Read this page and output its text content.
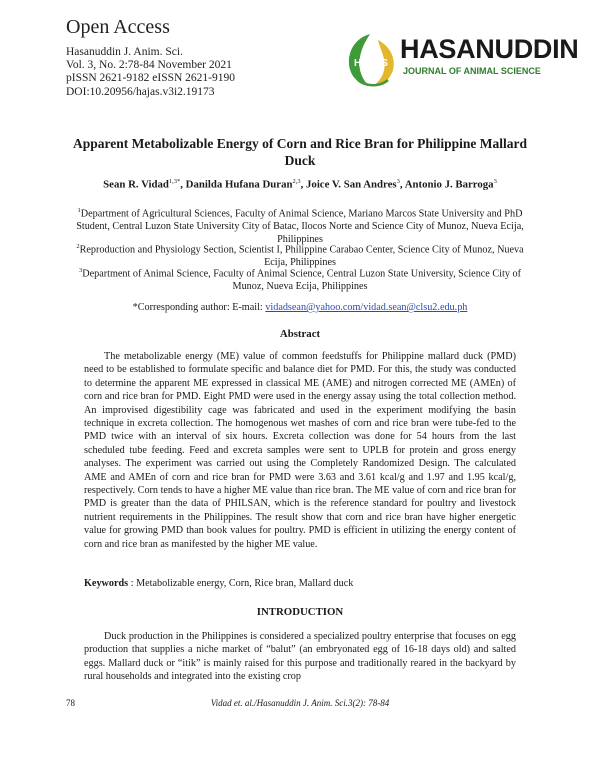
Open Access
Hasanuddin J. Anim. Sci.
Vol. 3, No. 2:78-84 November 2021
pISSN 2621-9182 eISSN 2621-9190
DOI:10.20956/hajas.v3i2.19173
HAJAS HASANUDDIN
JOURNAL OF ANIMAL SCIENCE
Apparent Metabolizable Energy of Corn and Rice Bran for Philippine Mallard Duck
Sean R. Vidad$^{1,3*}$, Danilda Hufana Duran$^{2,3}$, Joice V. San Andres$^3$, Antonio J. Barroga$^3$
$^1$Department of Agricultural Sciences, Faculty of Animal Science, Mariano Marcos State University and PhD Student, Central Luzon State University City of Batac, Ilocos Norte and Science City of Munoz, Nueva Ecija, Philippines
$^2$Reproduction and Physiology Section, Scientist I, Philippine Carabao Center, Science City of Munoz, Nueva Ecija, Philippines
$^3$Department of Animal Science, Faculty of Animal Science, Central Luzon State University, Science City of Munoz, Nueva Ecija, Philippines
*Corresponding author: E-mail: vidadsean@yahoo.com/vidad.sean@clsu2.edu.ph
Abstract

The metabolizable energy (ME) value of common feedstuffs for Philippine mallard duck (PMD) need to be established to formulate specific and balance diet for PMD. For this, the study was conducted to determine the apparent ME expressed in classical ME (AME) and nitrogen corrected ME (AMEn) of corn and rice bran for PMD. Eight PMD were used in the energy assay using the total collection method. An improvised digestibility cage was fabricated and used in the experiment modifying the basin technique in excreta collection. The homogenous wet mashes of corn and rice bran were tube-fed to the PMD twice with an interval of six hours. Excreta collection was done for 54 hours from the last scheduled tube feeding. Feed and excreta samples were sent to UPLB for protein and gross energy analyses. The experiment was carried out using the Completely Randomized Design. The calculated AME and AMEn of corn and rice bran for PMD were 3.63 and 3.61 kcal/g and 1.97 and 1.95 kcal/g, respectively. Corn tends to have a higher ME value than rice bran. The ME value of corn and rice bran for PMD is greater than the data of PHILSAN, which is the reference standard for poultry and livestock nutrient requirements in the Philippines. The result show that corn and rice bran have higher energetic value for growing PMD than book values for poultry. PMD is efficient in utilizing the energy content of corn and rice bran as manifested by the higher ME value.

Keywords : Metabolizable energy, Corn, Rice bran, Mallard duck
INTRODUCTION

Duck production in the Philippines is considered a specialized poultry enterprise that focuses on egg production that supplies a niche market of “balut” (an embryonated egg of 16-18 days old) and salted eggs. Mallard duck or “itik” is mainly raised for this purpose and traditionally reared in the backyard by rural households and integrated into the existing crop

78	Vidad et. al./Hasanuddin J. Anim. Sci.3(2): 78-84
